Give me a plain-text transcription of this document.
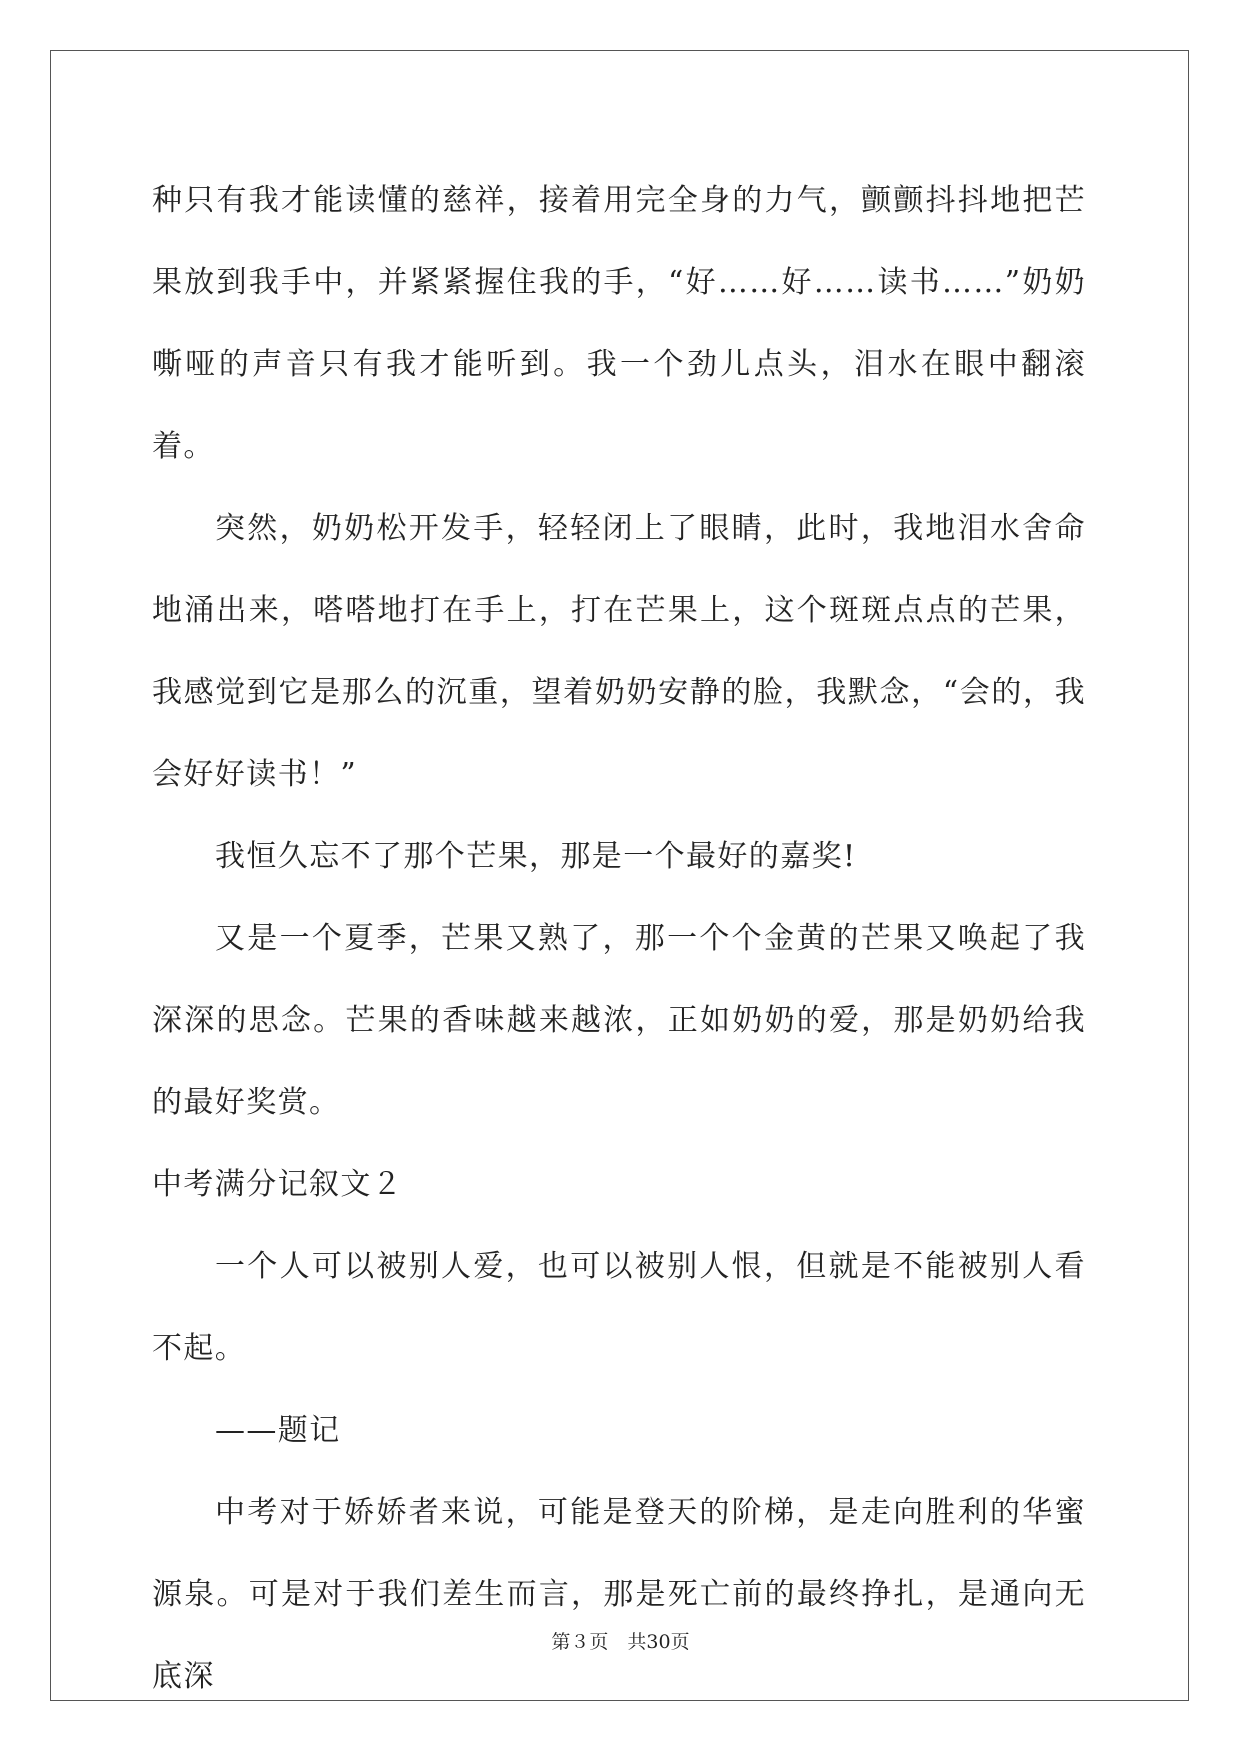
种只有我才能读懂的慈祥，接着用完全身的力气，颤颤抖抖地把芒果放到我手中，并紧紧握住我的手，“好……好……读书……”奶奶嘶哑的声音只有我才能听到。我一个劲儿点头，泪水在眼中翻滚着。

突然，奶奶松开发手，轻轻闭上了眼睛，此时，我地泪水舍命地涌出来，嗒嗒地打在手上，打在芒果上，这个斑斑点点的芒果，我感觉到它是那么的沉重，望着奶奶安静的脸，我默念，“会的，我会好好读书！”

我恒久忘不了那个芒果，那是一个最好的嘉奖!

又是一个夏季，芒果又熟了，那一个个金黄的芒果又唤起了我深深的思念。芒果的香味越来越浓，正如奶奶的爱，那是奶奶给我的最好奖赏。

中考满分记叙文２

一个人可以被别人爱，也可以被别人恨，但就是不能被别人看不起。

——题记

中考对于娇娇者来说，可能是登天的阶梯，是走向胜利的华蜜源泉。可是对于我们差生而言，那是死亡前的最终挣扎，是通向无底深

第３页　共30页
